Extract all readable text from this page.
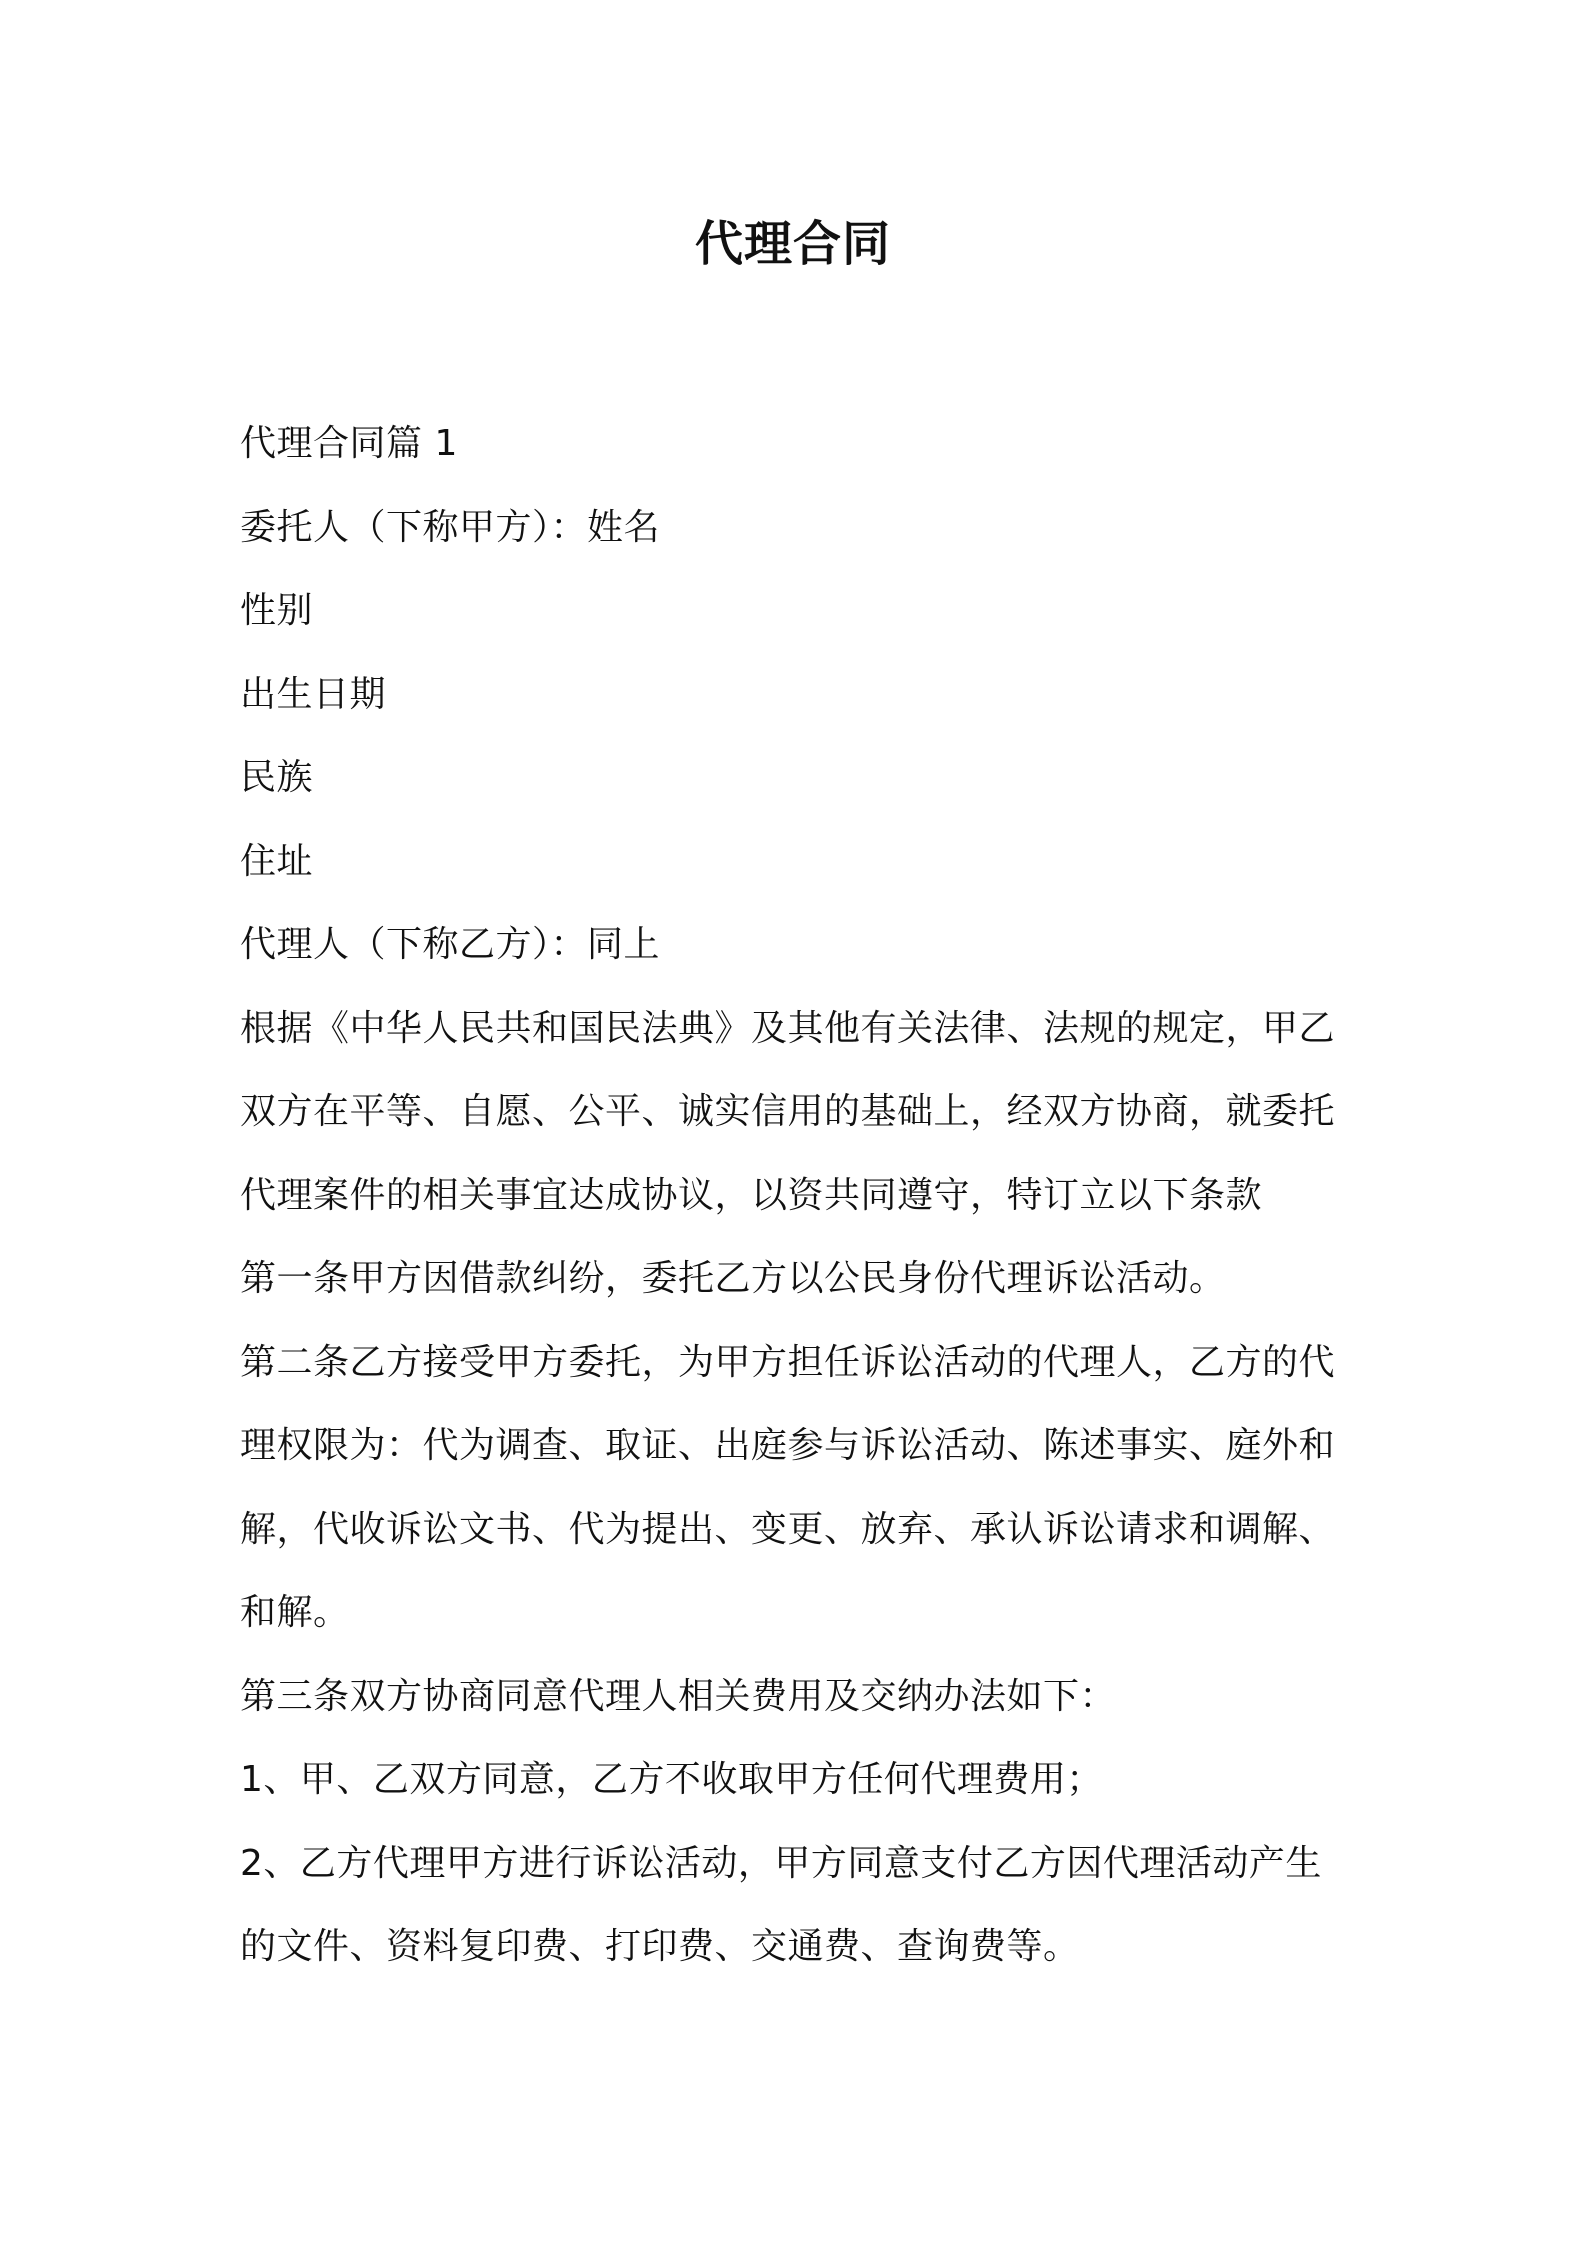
代理合同
代理合同篇 1
委托人（下称甲方）：姓名
性别
出生日期
民族
住址
代理人（下称乙方）：同上
根据《中华人民共和国民法典》及其他有关法律、法规的规定，甲乙
双方在平等、自愿、公平、诚实信用的基础上，经双方协商，就委托
代理案件的相关事宜达成协议，以资共同遵守，特订立以下条款
第一条甲方因借款纠纷，委托乙方以公民身份代理诉讼活动。
第二条乙方接受甲方委托，为甲方担任诉讼活动的代理人，乙方的代
理权限为：代为调查、取证、出庭参与诉讼活动、陈述事实、庭外和
解，代收诉讼文书、代为提出、变更、放弃、承认诉讼请求和调解、
和解。
第三条双方协商同意代理人相关费用及交纳办法如下：
1、甲、乙双方同意，乙方不收取甲方任何代理费用；
2、乙方代理甲方进行诉讼活动，甲方同意支付乙方因代理活动产生
的文件、资料复印费、打印费、交通费、查询费等。
